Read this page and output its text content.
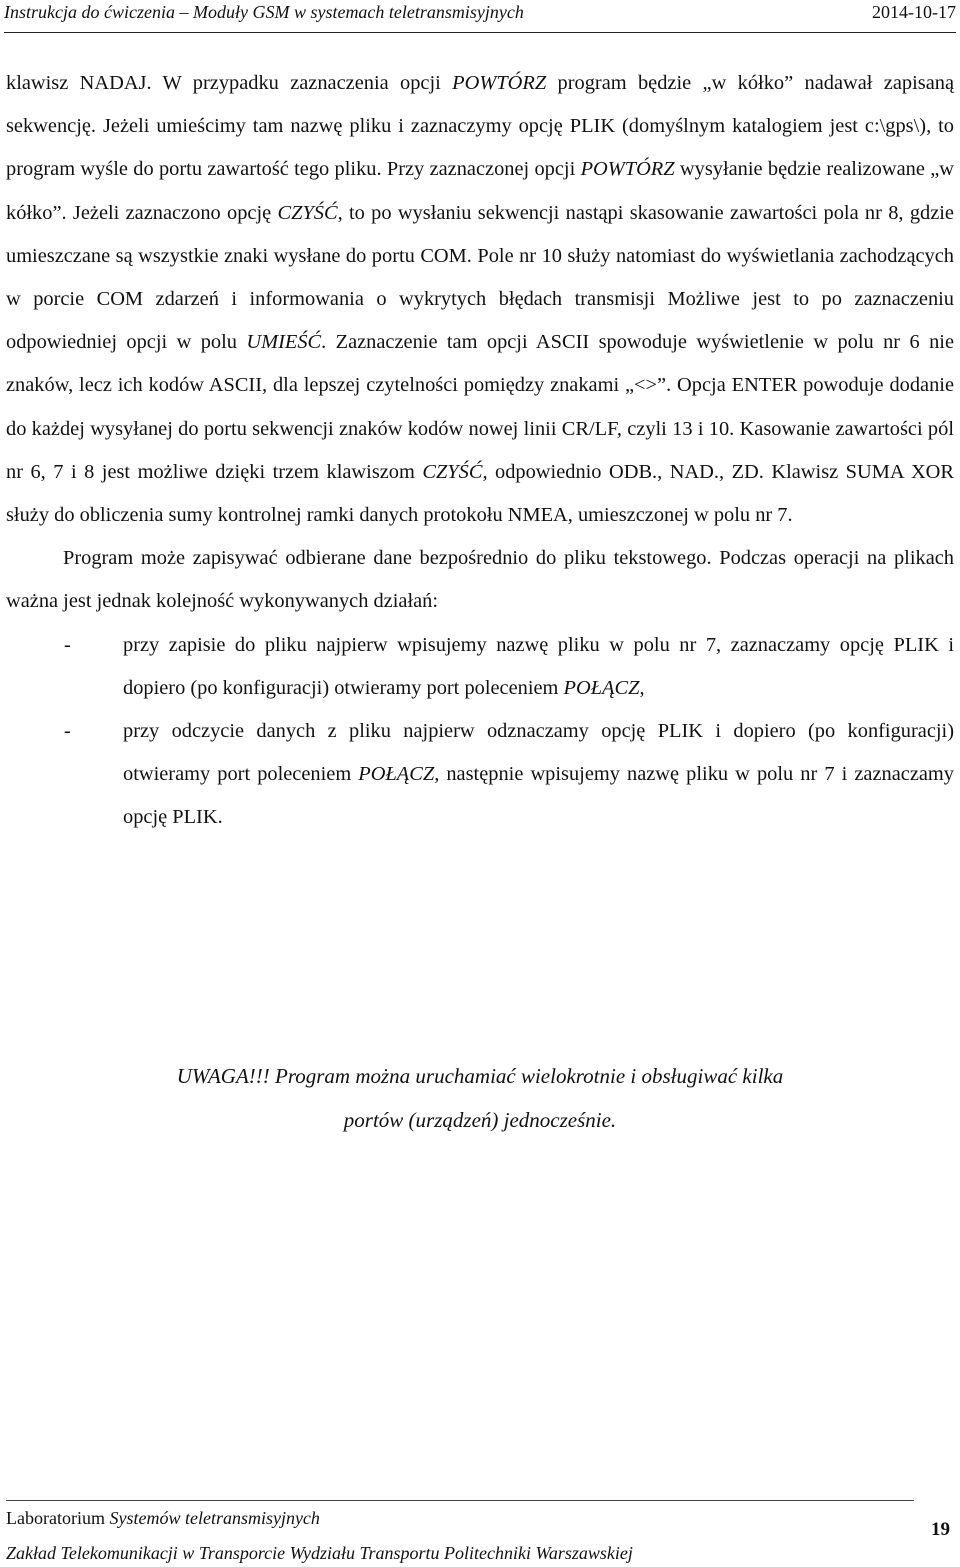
Instrukcja do ćwiczenia – Moduły GSM w systemach teletransmisyjnych	2014-10-17

klawisz NADAJ. W przypadku zaznaczenia opcji POWTÓRZ program będzie „w kółko” nadawał zapisaną sekwencję. Jeżeli umieścimy tam nazwę pliku i zaznaczymy opcję PLIK (domyślnym katalogiem jest c:\gps\), to program wyśle do portu zawartość tego pliku. Przy zaznaczonej opcji POWTÓRZ wysyłanie będzie realizowane „w kółko”. Jeżeli zaznaczono opcję CZYŚĆ, to po wysłaniu sekwencji nastąpi skasowanie zawartości pola nr 8, gdzie umieszczane są wszystkie znaki wysłane do portu COM. Pole nr 10 służy natomiast do wyświetlania zachodzących w porcie COM zdarzeń i informowania o wykrytych błędach transmisji Możliwe jest to po zaznaczeniu odpowiedniej opcji w polu UMIEŚĆ. Zaznaczenie tam opcji ASCII spowoduje wyświetlenie w polu nr 6 nie znaków, lecz ich kodów ASCII, dla lepszej czytelności pomiędzy znakami „<>”. Opcja ENTER powoduje dodanie do każdej wysyłanej do portu sekwencji znaków kodów nowej linii CR/LF, czyli 13 i 10. Kasowanie zawartości pól nr 6, 7 i 8 jest możliwe dzięki trzem klawiszom CZYŚĆ, odpowiednio ODB., NAD., ZD. Klawisz SUMA XOR służy do obliczenia sumy kontrolnej ramki danych protokołu NMEA, umieszczonej w polu nr 7.

Program może zapisywać odbierane dane bezpośrednio do pliku tekstowego. Podczas operacji na plikach ważna jest jednak kolejność wykonywanych działań:

-	przy zapisie do pliku najpierw wpisujemy nazwę pliku w polu nr 7, zaznaczamy opcję PLIK i dopiero (po konfiguracji) otwieramy port poleceniem POŁĄCZ,
-	przy odczycie danych z pliku najpierw odznaczamy opcję PLIK i dopiero (po konfiguracji) otwieramy port poleceniem POŁĄCZ, następnie wpisujemy nazwę pliku w polu nr 7 i zaznaczamy opcję PLIK.
UWAGA!!! Program można uruchamiać wielokrotnie i obsługiwać kilka
portów (urządzeń) jednocześnie.
Laboratorium Systemów teletransmisyjnych
Zakład Telekomunikacji w Transporcie Wydziału Transportu Politechniki Warszawskiej
19
